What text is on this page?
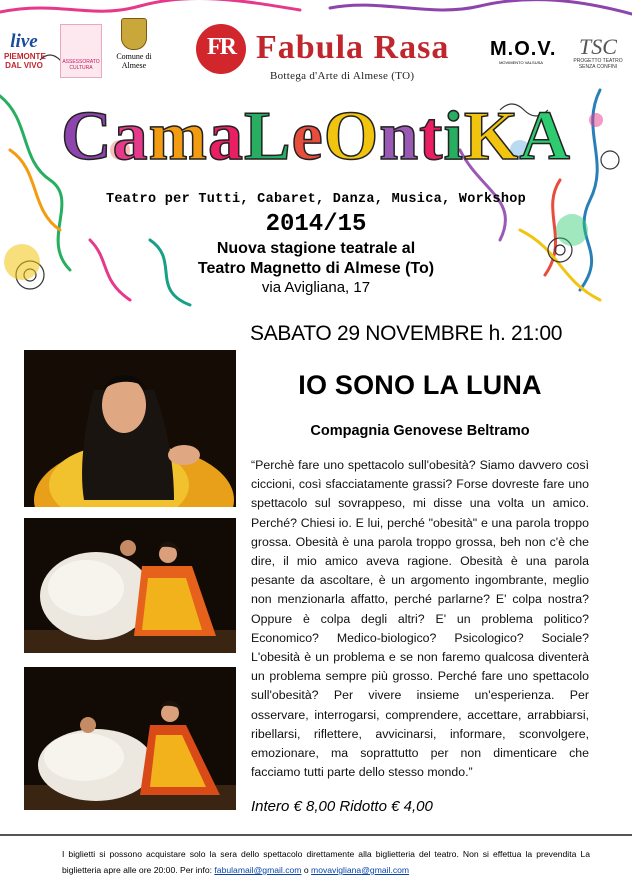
live
PIEMONTE DAL VIVO	ASSESSORATO CULTURA
Comune di Almese
FR Fabula Rasa
Bottega d'Arte di Almese (TO)
M.O.V.
MOVIMENTO VALSUSA
TSC
PROGETTO TEATRO SENZA CONFINI
CamaLeOntiKA
Teatro per Tutti, Cabaret, Danza, Musica, Workshop
2014/15
Nuova stagione teatrale al
Teatro Magnetto di Almese (To)
via Avigliana, 17
SABATO 29 NOVEMBRE h. 21:00
IO SONO LA LUNA
Compagnia Genovese Beltramo
“Perchè fare uno spettacolo sull'obesità? Siamo davvero così ciccioni, così sfacciatamente grassi? Forse dovreste fare uno spettacolo sul sovrappeso, mi disse una volta un amico. Perché? Chiesi io. E lui, perché "obesità" e una parola troppo grossa. Obesità è una parola troppo grossa, beh non c'è che dire, il mio amico aveva ragione. Obesità è una parola pesante da ascoltare, è un argomento ingombrante, meglio non menzionarla affatto, perché parlarne? E' colpa nostra? Oppure è colpa degli altri? E' un problema politico? Economico? Medico-biologico? Psicologico? Sociale? L'obesità è un problema e se non faremo qualcosa diventerà un problema sempre più grosso. Perché fare uno spettacolo sull'obesità? Per vivere insieme un'esperienza. Per osservare, interrogarsi, comprendere, accettare, arrabbiarsi, ribellarsi, riflettere, avvicinarsi, informare, sconvolgere, emozionare, ma soprattutto per non dimenticare che facciamo tutti parte dello stesso mondo.”
Intero € 8,00 Ridotto € 4,00
I biglietti si possono acquistare solo la sera dello spettacolo direttamente alla biglietteria del teatro. Non si effettua la prevendita La biglietteria apre alle ore 20:00. Per info: fabulamail@gmail.com o movavigliana@gmail.com
